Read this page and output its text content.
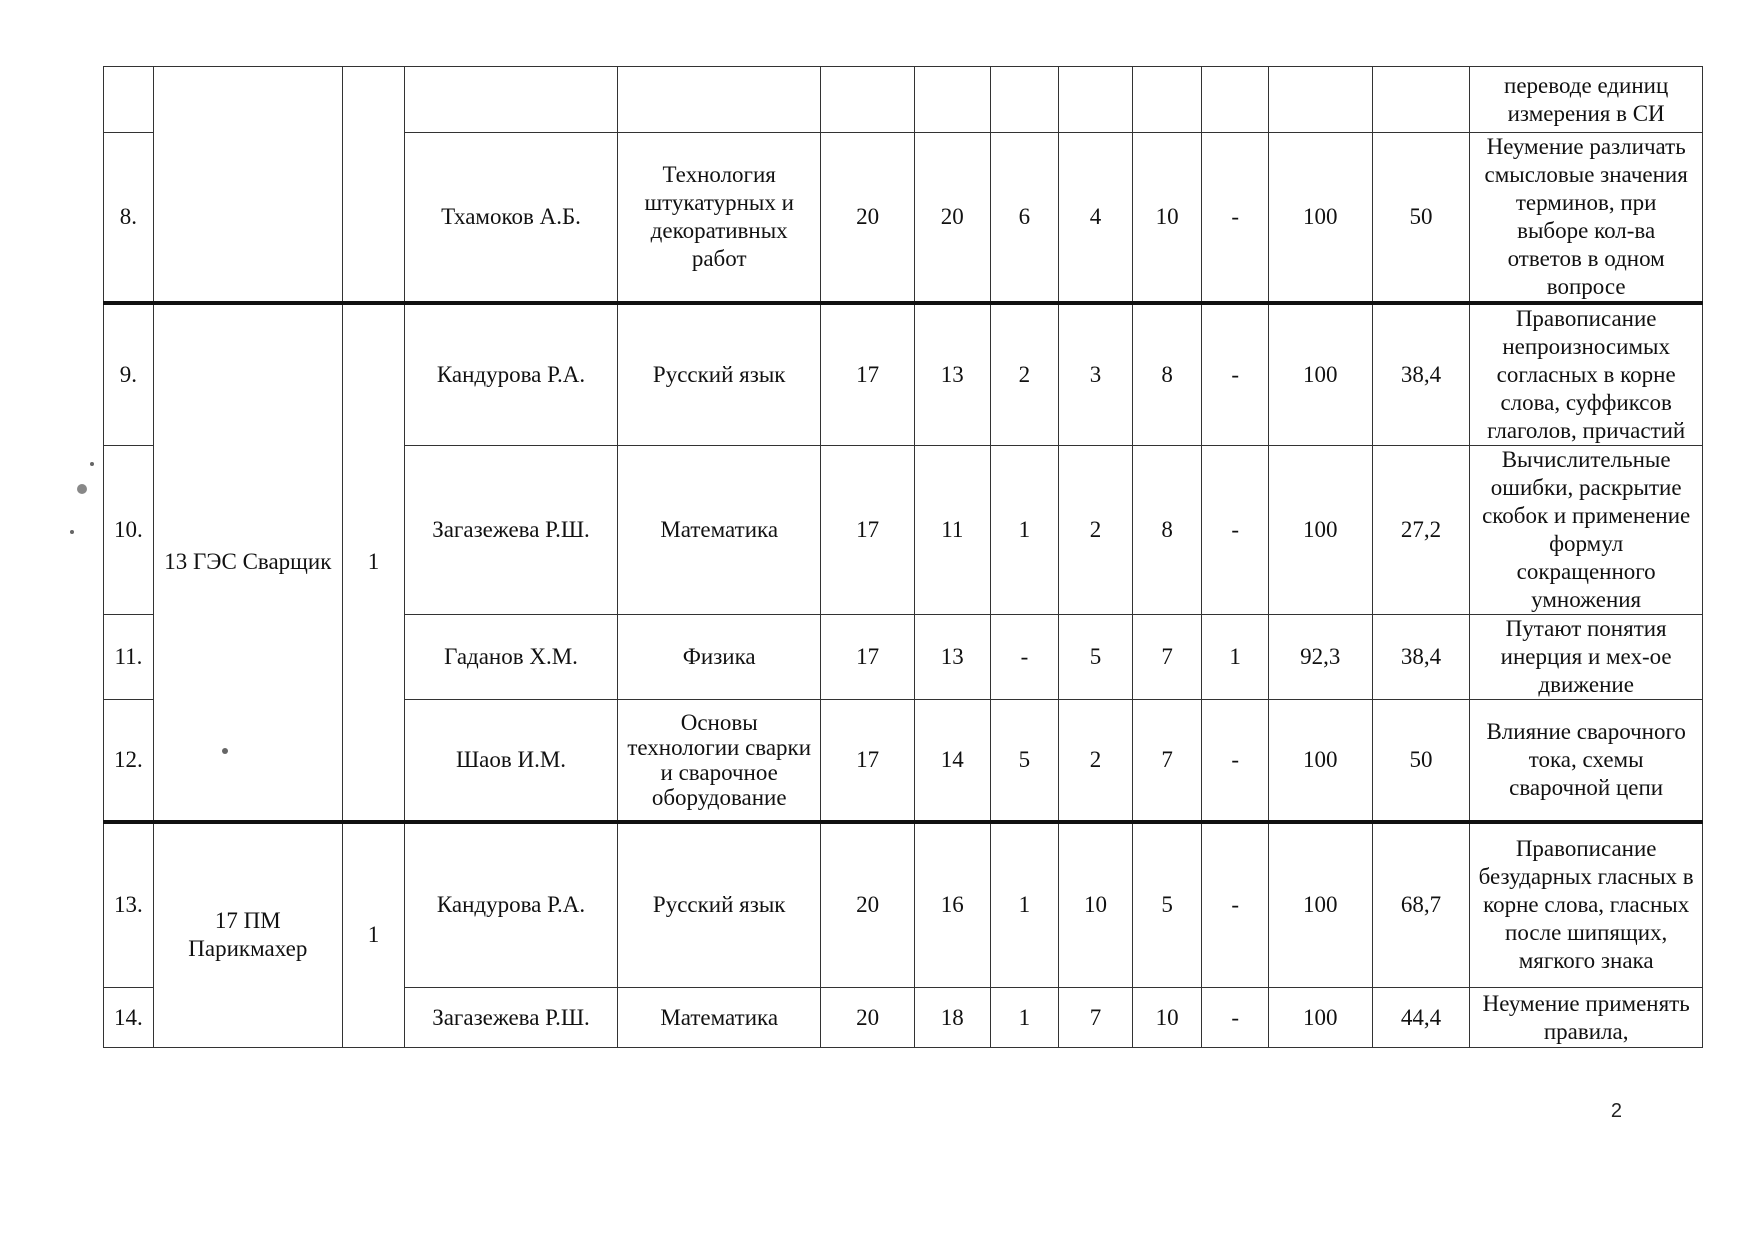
													переводе единиц измерения в СИ
8.			Тхамоков А.Б.	Технология штукатурных и декоративных работ	20	20	6	4	10	-	100	50	Неумение различать смысловые значения терминов, при выборе кол-ва ответов в одном вопросе
9.	13 ГЭС Сварщик	1	Кандурова Р.А.	Русский язык	17	13	2	3	8	-	100	38,4	Правописание непроизносимых согласных в корне слова, суффиксов глаголов, причастий
10.			Загазежева Р.Ш.	Математика	17	11	1	2	8	-	100	27,2	Вычислительные ошибки, раскрытие скобок и применение формул сокращенного умножения
11.			Гаданов Х.М.	Физика	17	13	-	5	7	1	92,3	38,4	Путают понятия инерция и мех-ое движение
12.			Шаов И.М.	Основы технологии сварки и сварочное оборудование	17	14	5	2	7	-	100	50	Влияние сварочного тока, схемы сварочной цепи
13.	17 ПМ Парикмахер	1	Кандурова Р.А.	Русский язык	20	16	1	10	5	-	100	68,7	Правописание безударных гласных в корне слова, гласных после шипящих, мягкого знака
14.			Загазежева Р.Ш.	Математика	20	18	1	7	10	-	100	44,4	Неумение применять правила,
2
